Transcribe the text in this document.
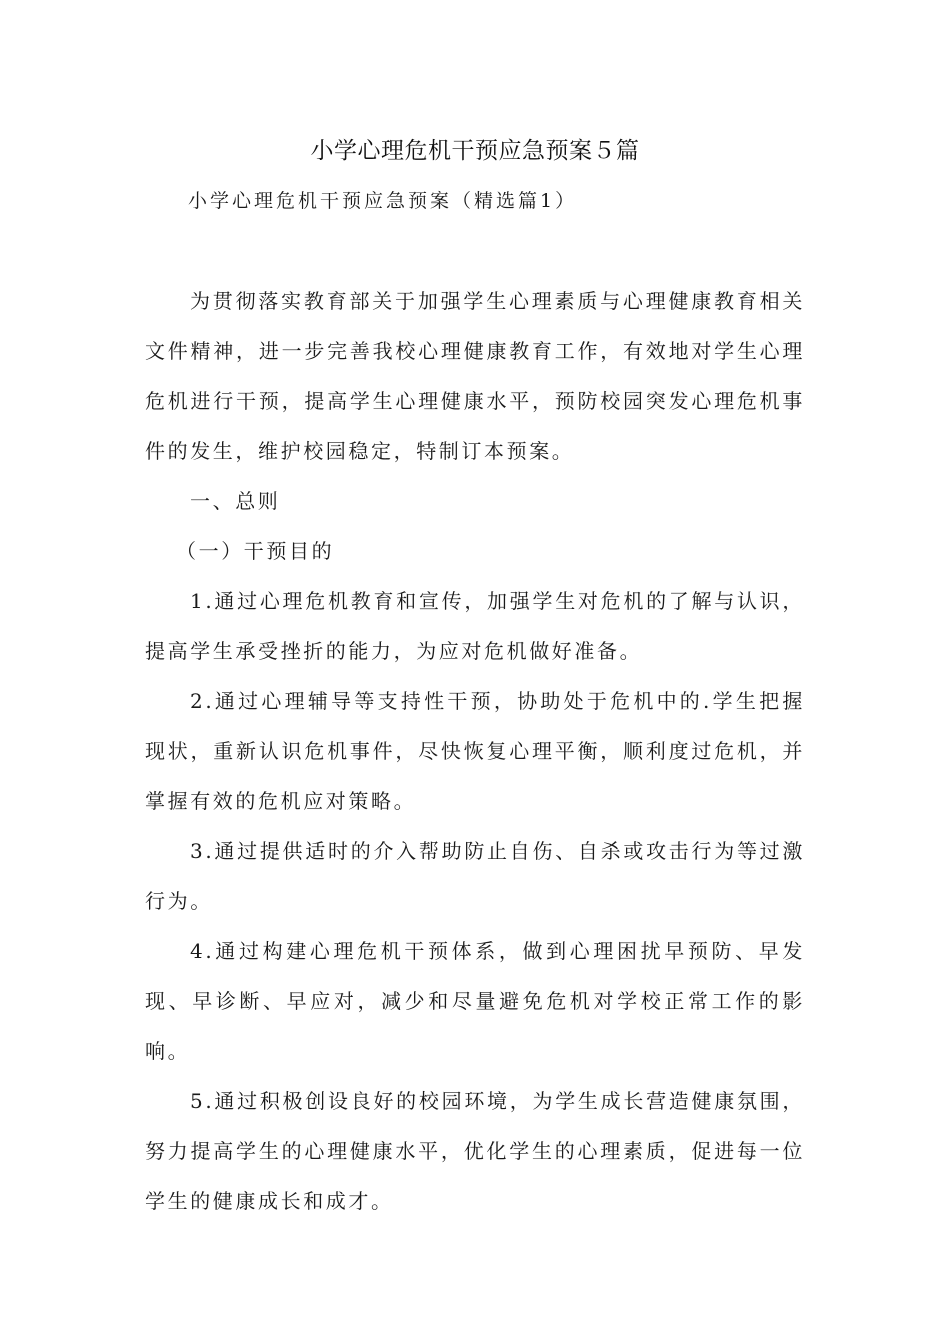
小学心理危机干预应急预案５篇

小学心理危机干预应急预案（精选篇1）

为贯彻落实教育部关于加强学生心理素质与心理健康教育相关文件精神，进一步完善我校心理健康教育工作，有效地对学生心理危机进行干预，提高学生心理健康水平，预防校园突发心理危机事件的发生，维护校园稳定，特制订本预案。

一、总则

（一）干预目的

1.通过心理危机教育和宣传，加强学生对危机的了解与认识，提高学生承受挫折的能力，为应对危机做好准备。

2.通过心理辅导等支持性干预，协助处于危机中的.学生把握现状，重新认识危机事件，尽快恢复心理平衡，顺利度过危机，并掌握有效的危机应对策略。

3.通过提供适时的介入帮助防止自伤、自杀或攻击行为等过激行为。

4.通过构建心理危机干预体系，做到心理困扰早预防、早发现、早诊断、早应对，减少和尽量避免危机对学校正常工作的影响。

5.通过积极创设良好的校园环境，为学生成长营造健康氛围，努力提高学生的心理健康水平，优化学生的心理素质，促进每一位学生的健康成长和成才。
